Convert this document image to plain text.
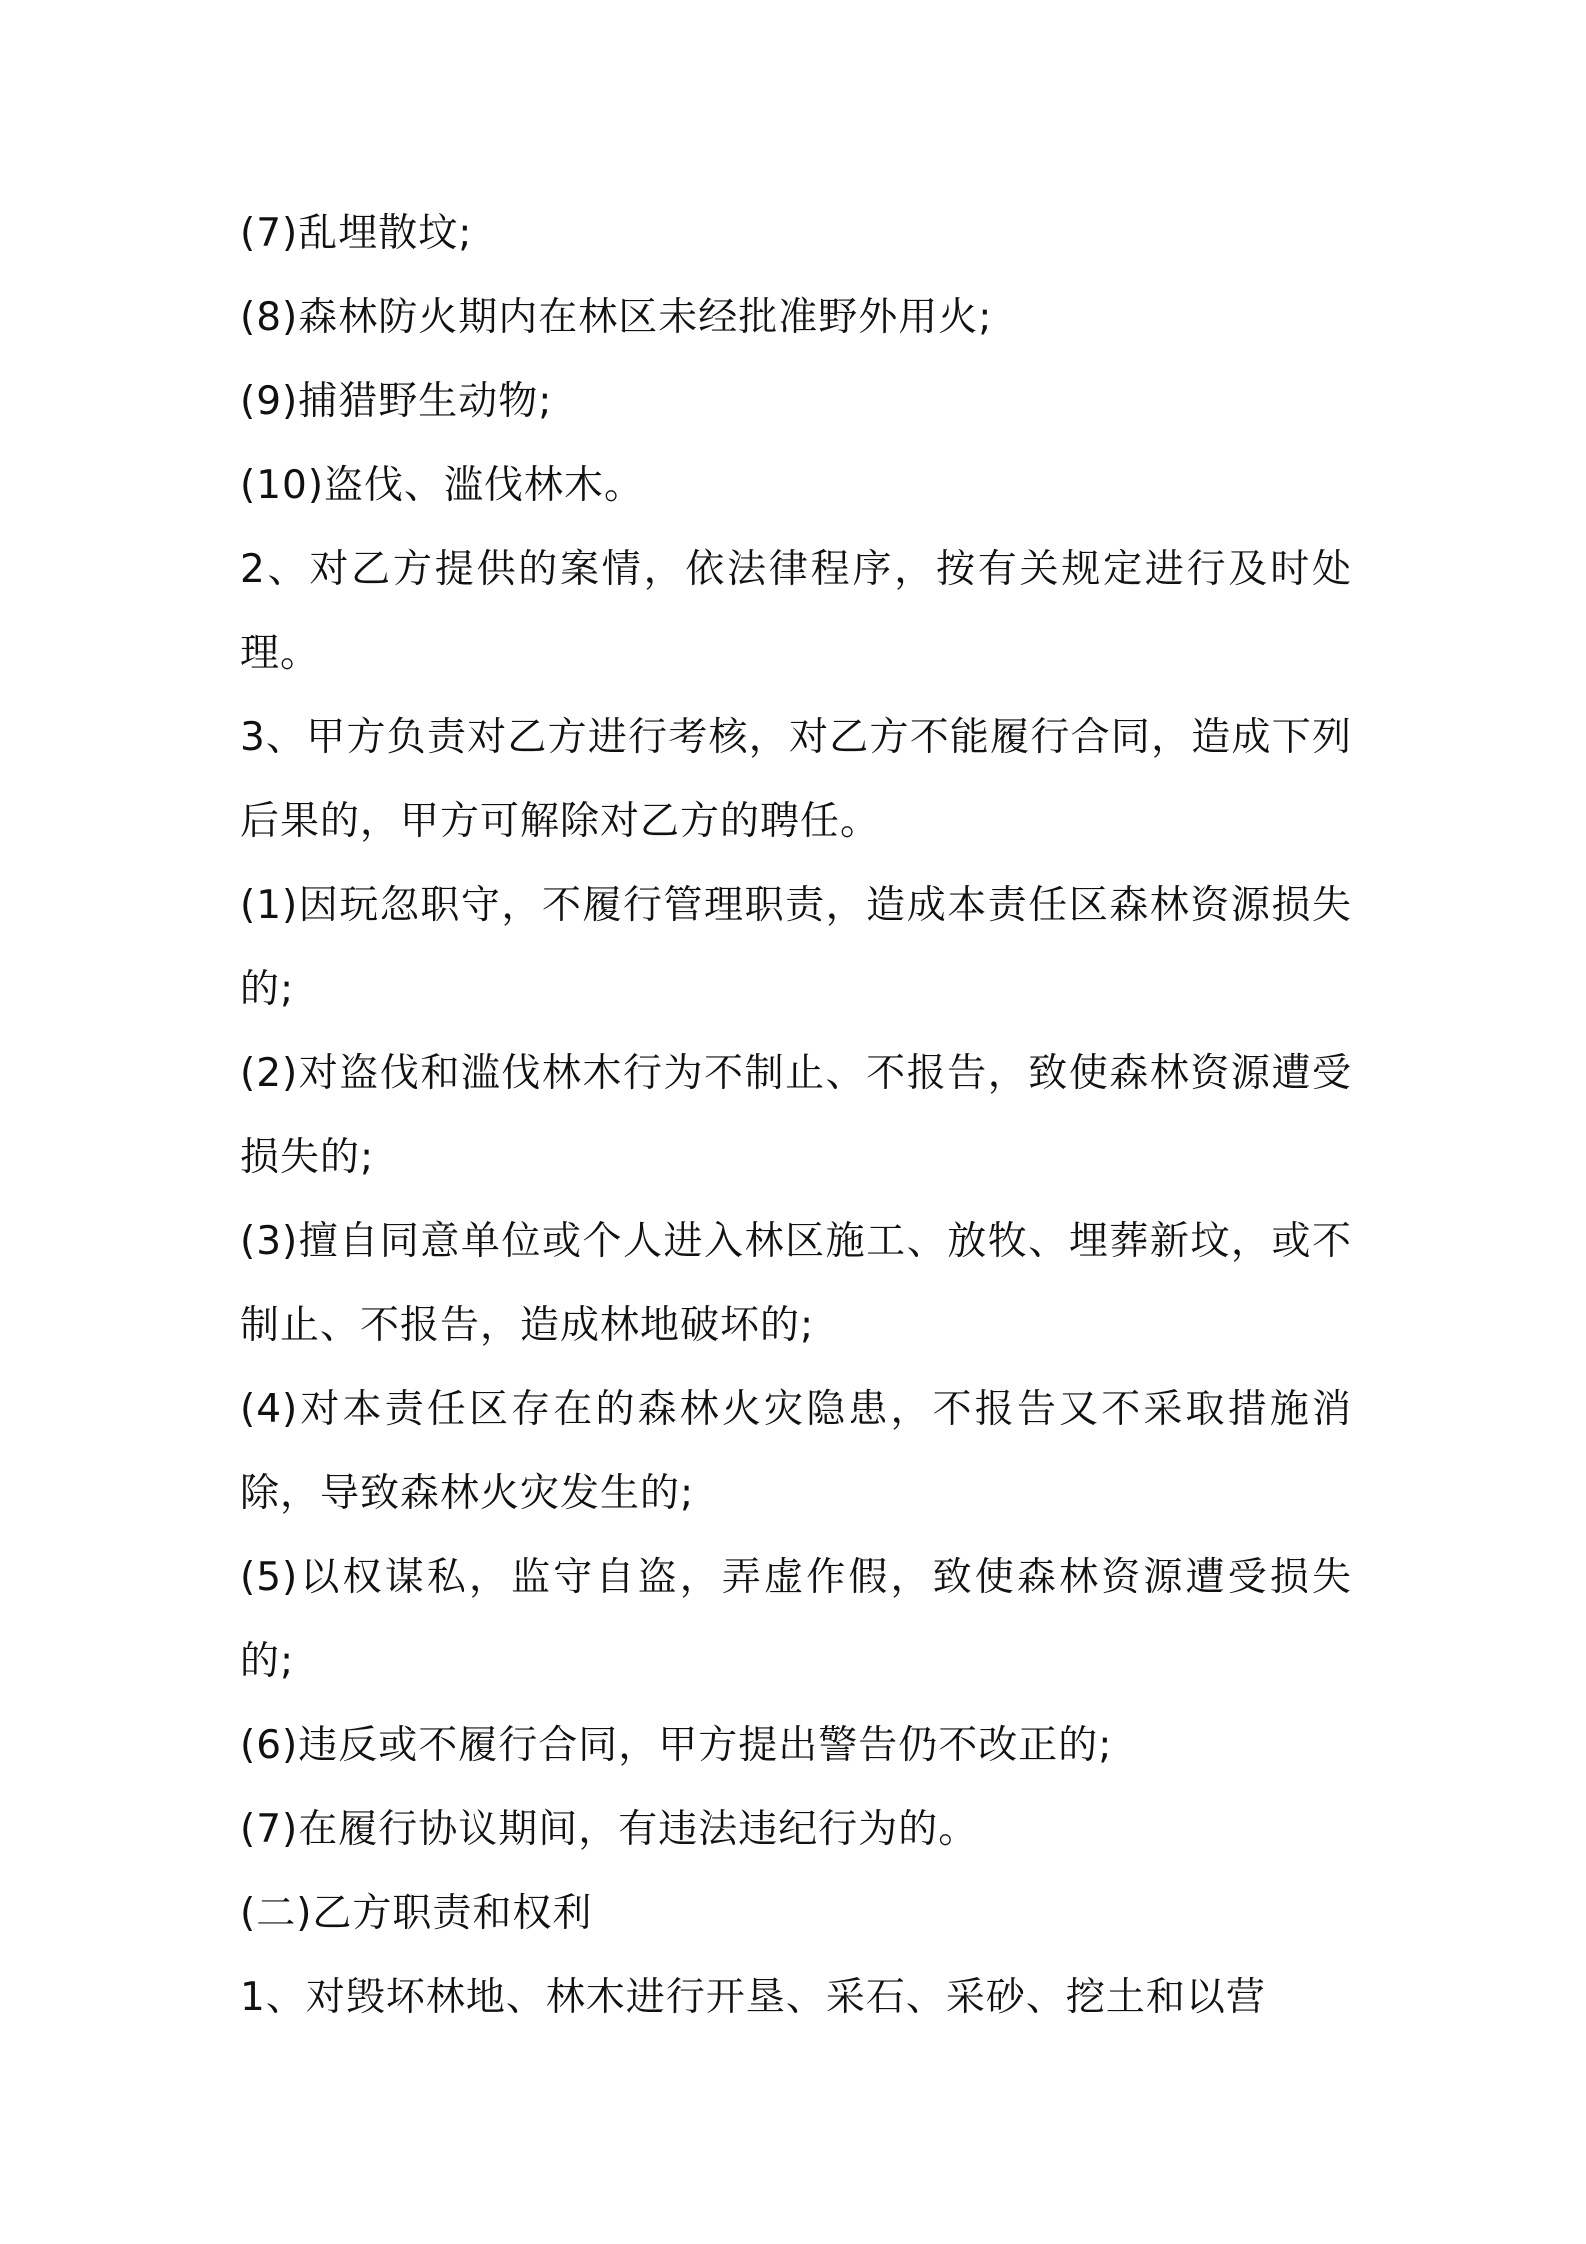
(7)乱埋散坟;

(8)森林防火期内在林区未经批准野外用火;

(9)捕猎野生动物;

(10)盗伐、滥伐林木。

2、对乙方提供的案情，依法律程序，按有关规定进行及时处理。

3、甲方负责对乙方进行考核，对乙方不能履行合同，造成下列后果的，甲方可解除对乙方的聘任。

(1)因玩忽职守，不履行管理职责，造成本责任区森林资源损失的;

(2)对盗伐和滥伐林木行为不制止、不报告，致使森林资源遭受损失的;

(3)擅自同意单位或个人进入林区施工、放牧、埋葬新坟，或不制止、不报告，造成林地破坏的;

(4)对本责任区存在的森林火灾隐患，不报告又不采取措施消除，导致森林火灾发生的;

(5)以权谋私，监守自盗，弄虚作假，致使森林资源遭受损失的;

(6)违反或不履行合同，甲方提出警告仍不改正的;

(7)在履行协议期间，有违法违纪行为的。

(二)乙方职责和权利

1、对毁坏林地、林木进行开垦、采石、采砂、挖土和以营
